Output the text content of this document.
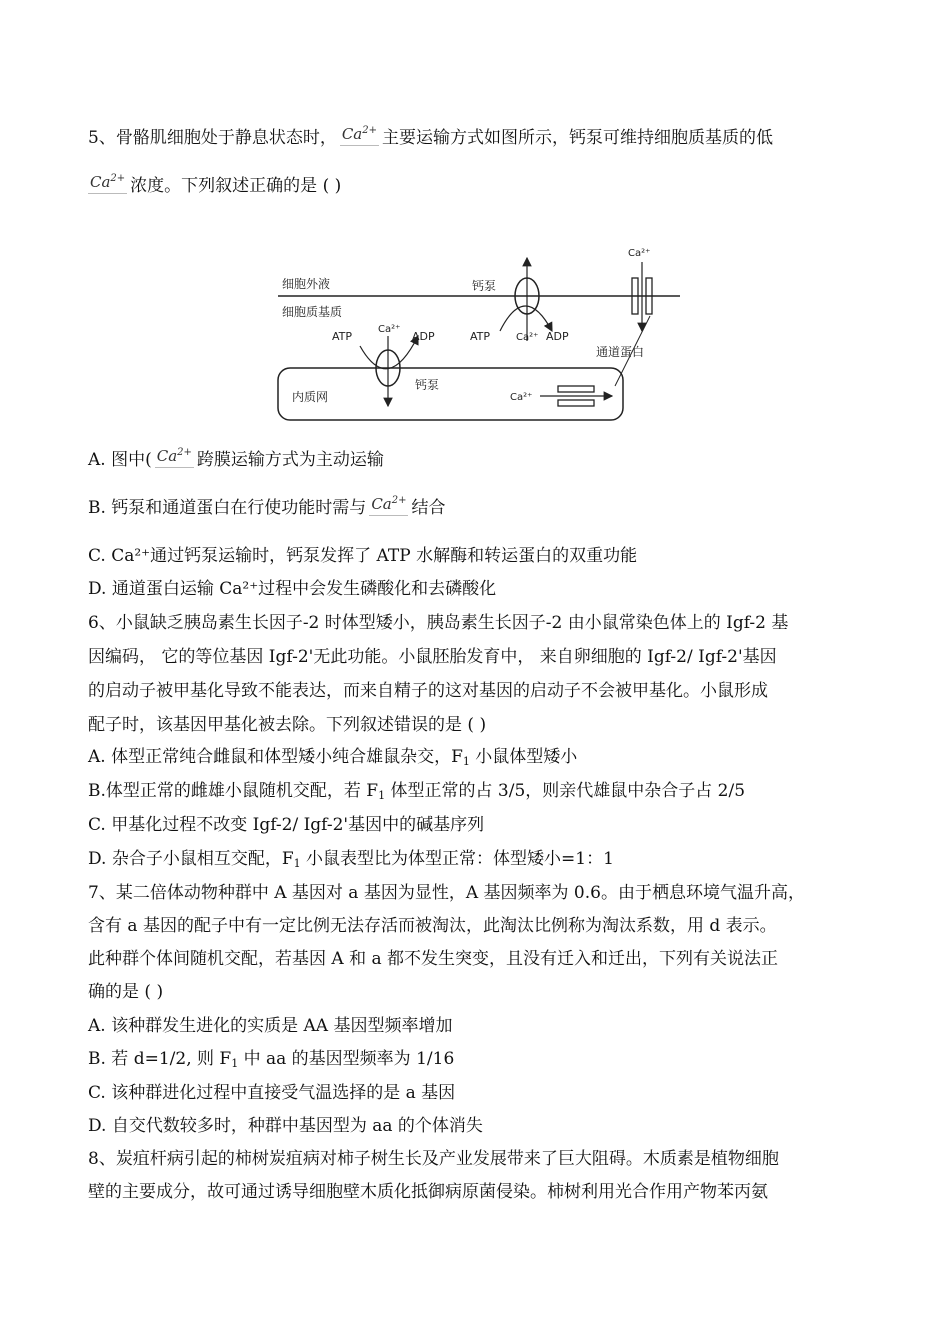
5、骨骼肌细胞处于静息状态时， $Ca^{2+}$ 主要运输方式如图所示，钙泵可维持细胞质基质的低
$Ca^{2+}$ 浓度。下列叙述正确的是 ( )
细胞外液
细胞质基质
钙泵
ATP	Ca²⁺ ADP
Ca²⁺
通道蛋白
内质网
ATP
Ca²⁺
ADP
钙泵
Ca²⁺
A. 图中( $Ca^{2+}$ 跨膜运输方式为主动运输
B. 钙泵和通道蛋白在行使功能时需与 $Ca^{2+}$ 结合
C. Ca²⁺通过钙泵运输时，钙泵发挥了 ATP 水解酶和转运蛋白的双重功能
D. 通道蛋白运输 Ca²⁺过程中会发生磷酸化和去磷酸化
6、小鼠缺乏胰岛素生长因子-2 时体型矮小，胰岛素生长因子-2 由小鼠常染色体上的 Igf-2 基
因编码， 它的等位基因 Igf-2'无此功能。小鼠胚胎发育中， 来自卵细胞的 Igf-2/ Igf-2'基因
的启动子被甲基化导致不能表达，而来自精子的这对基因的启动子不会被甲基化。小鼠形成
配子时，该基因甲基化被去除。下列叙述错误的是 ( )
A. 体型正常纯合雌鼠和体型矮小纯合雄鼠杂交，$F_1$ 小鼠体型矮小
B.体型正常的雌雄小鼠随机交配，若 $F_1$ 体型正常的占 3/5，则亲代雄鼠中杂合子占 2/5
C. 甲基化过程不改变 Igf-2/ Igf-2'基因中的碱基序列
D. 杂合子小鼠相互交配，$F_1$ 小鼠表型比为体型正常：体型矮小=1：1
7、某二倍体动物种群中 A 基因对 a 基因为显性，A 基因频率为 0.6。由于栖息环境气温升高，
含有 a 基因的配子中有一定比例无法存活而被淘汰，此淘汰比例称为淘汰系数，用 d 表示。
此种群个体间随机交配，若基因 A 和 a 都不发生突变，且没有迁入和迁出，下列有关说法正
确的是 ( )
A. 该种群发生进化的实质是 AA 基因型频率增加
B. 若 d=1/2, 则 $F_1$ 中 aa 的基因型频率为 1/16
C. 该种群进化过程中直接受气温选择的是 a 基因
D. 自交代数较多时，种群中基因型为 aa 的个体消失
8、炭疽杆病引起的柿树炭疽病对柿子树生长及产业发展带来了巨大阻碍。木质素是植物细胞
壁的主要成分，故可通过诱导细胞壁木质化抵御病原菌侵染。柿树利用光合作用产物苯丙氨
